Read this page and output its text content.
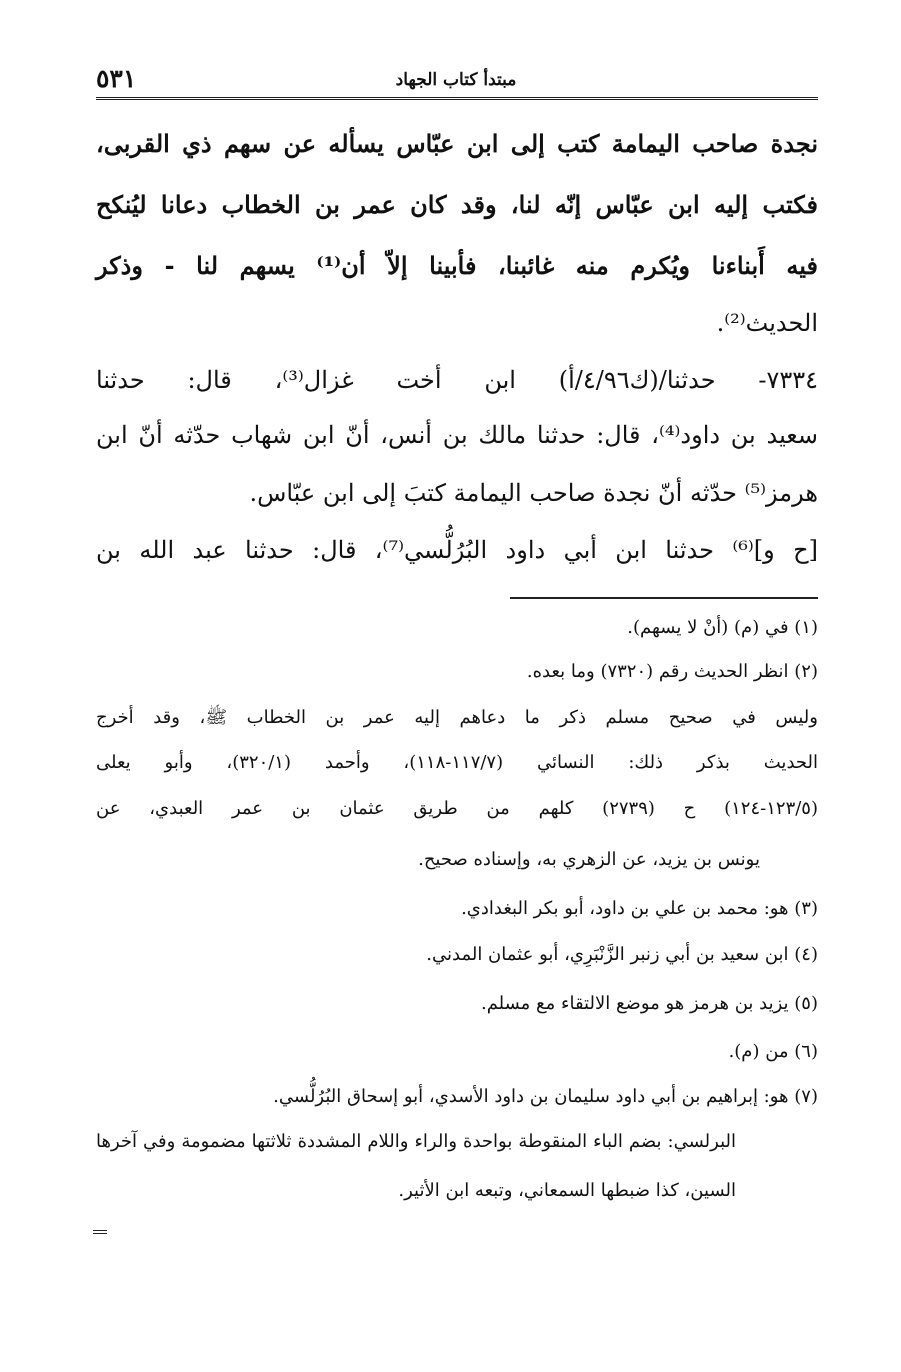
مبتدأ كتاب الجهاد
٥٣١
نجدة صاحب اليمامة كتب إلى ابن عبّاس يسأله عن سهم ذي القربى،
فكتب إليه ابن عبّاس إنّه لنا، وقد كان عمر بن الخطاب دعانا ليُنكح
فيه أَبناءنا ويُكرم منه غائبنا، فأبينا إلاّ أن⁽¹⁾ يسهم لنا - وذكر
الحديث⁽²⁾.
٧٣٣٤- حدثنا/(ك٤/٩٦/أ) ابن أخت غزال⁽³⁾، قال: حدثنا
سعيد بن داود⁽⁴⁾، قال: حدثنا مالك بن أنس، أنّ ابن شهاب حدّثه أنّ ابن
هرمز⁽⁵⁾ حدّثه أنّ نجدة صاحب اليمامة كتبَ إلى ابن عبّاس.
[ح و]⁽⁶⁾ حدثنا ابن أبي داود البُرُلُّسي⁽⁷⁾، قال: حدثنا عبد الله بن
(١) في (م) (أنْ لا يسهم).
(٢) انظر الحديث رقم (٧٣٢٠) وما بعده.
وليس في صحيح مسلم ذكر ما دعاهم إليه عمر بن الخطاب ﷺ، وقد أخرج
الحديث بذكر ذلك: النسائي (١١٧/٧-١١٨)، وأحمد (٣٢٠/١)، وأبو يعلى
(١٢٣/٥-١٢٤) ح (٢٧٣٩) كلهم من طريق عثمان بن عمر العبدي، عن
يونس بن يزيد، عن الزهري به، وإسناده صحيح.
(٣) هو: محمد بن علي بن داود، أبو بكر البغدادي.
(٤) ابن سعيد بن أبي زنبر الزَّنْبَرِي، أبو عثمان المدني.
(٥) يزيد بن هرمز هو موضع الالتقاء مع مسلم.
(٦) من (م).
(٧) هو: إبراهيم بن أبي داود سليمان بن داود الأسدي، أبو إسحاق البُرُلُّسي.
البرلسي: بضم الباء المنقوطة بواحدة والراء واللام المشددة ثلاثتها مضمومة وفي آخرها
السين، كذا ضبطها السمعاني، وتبعه ابن الأثير.
